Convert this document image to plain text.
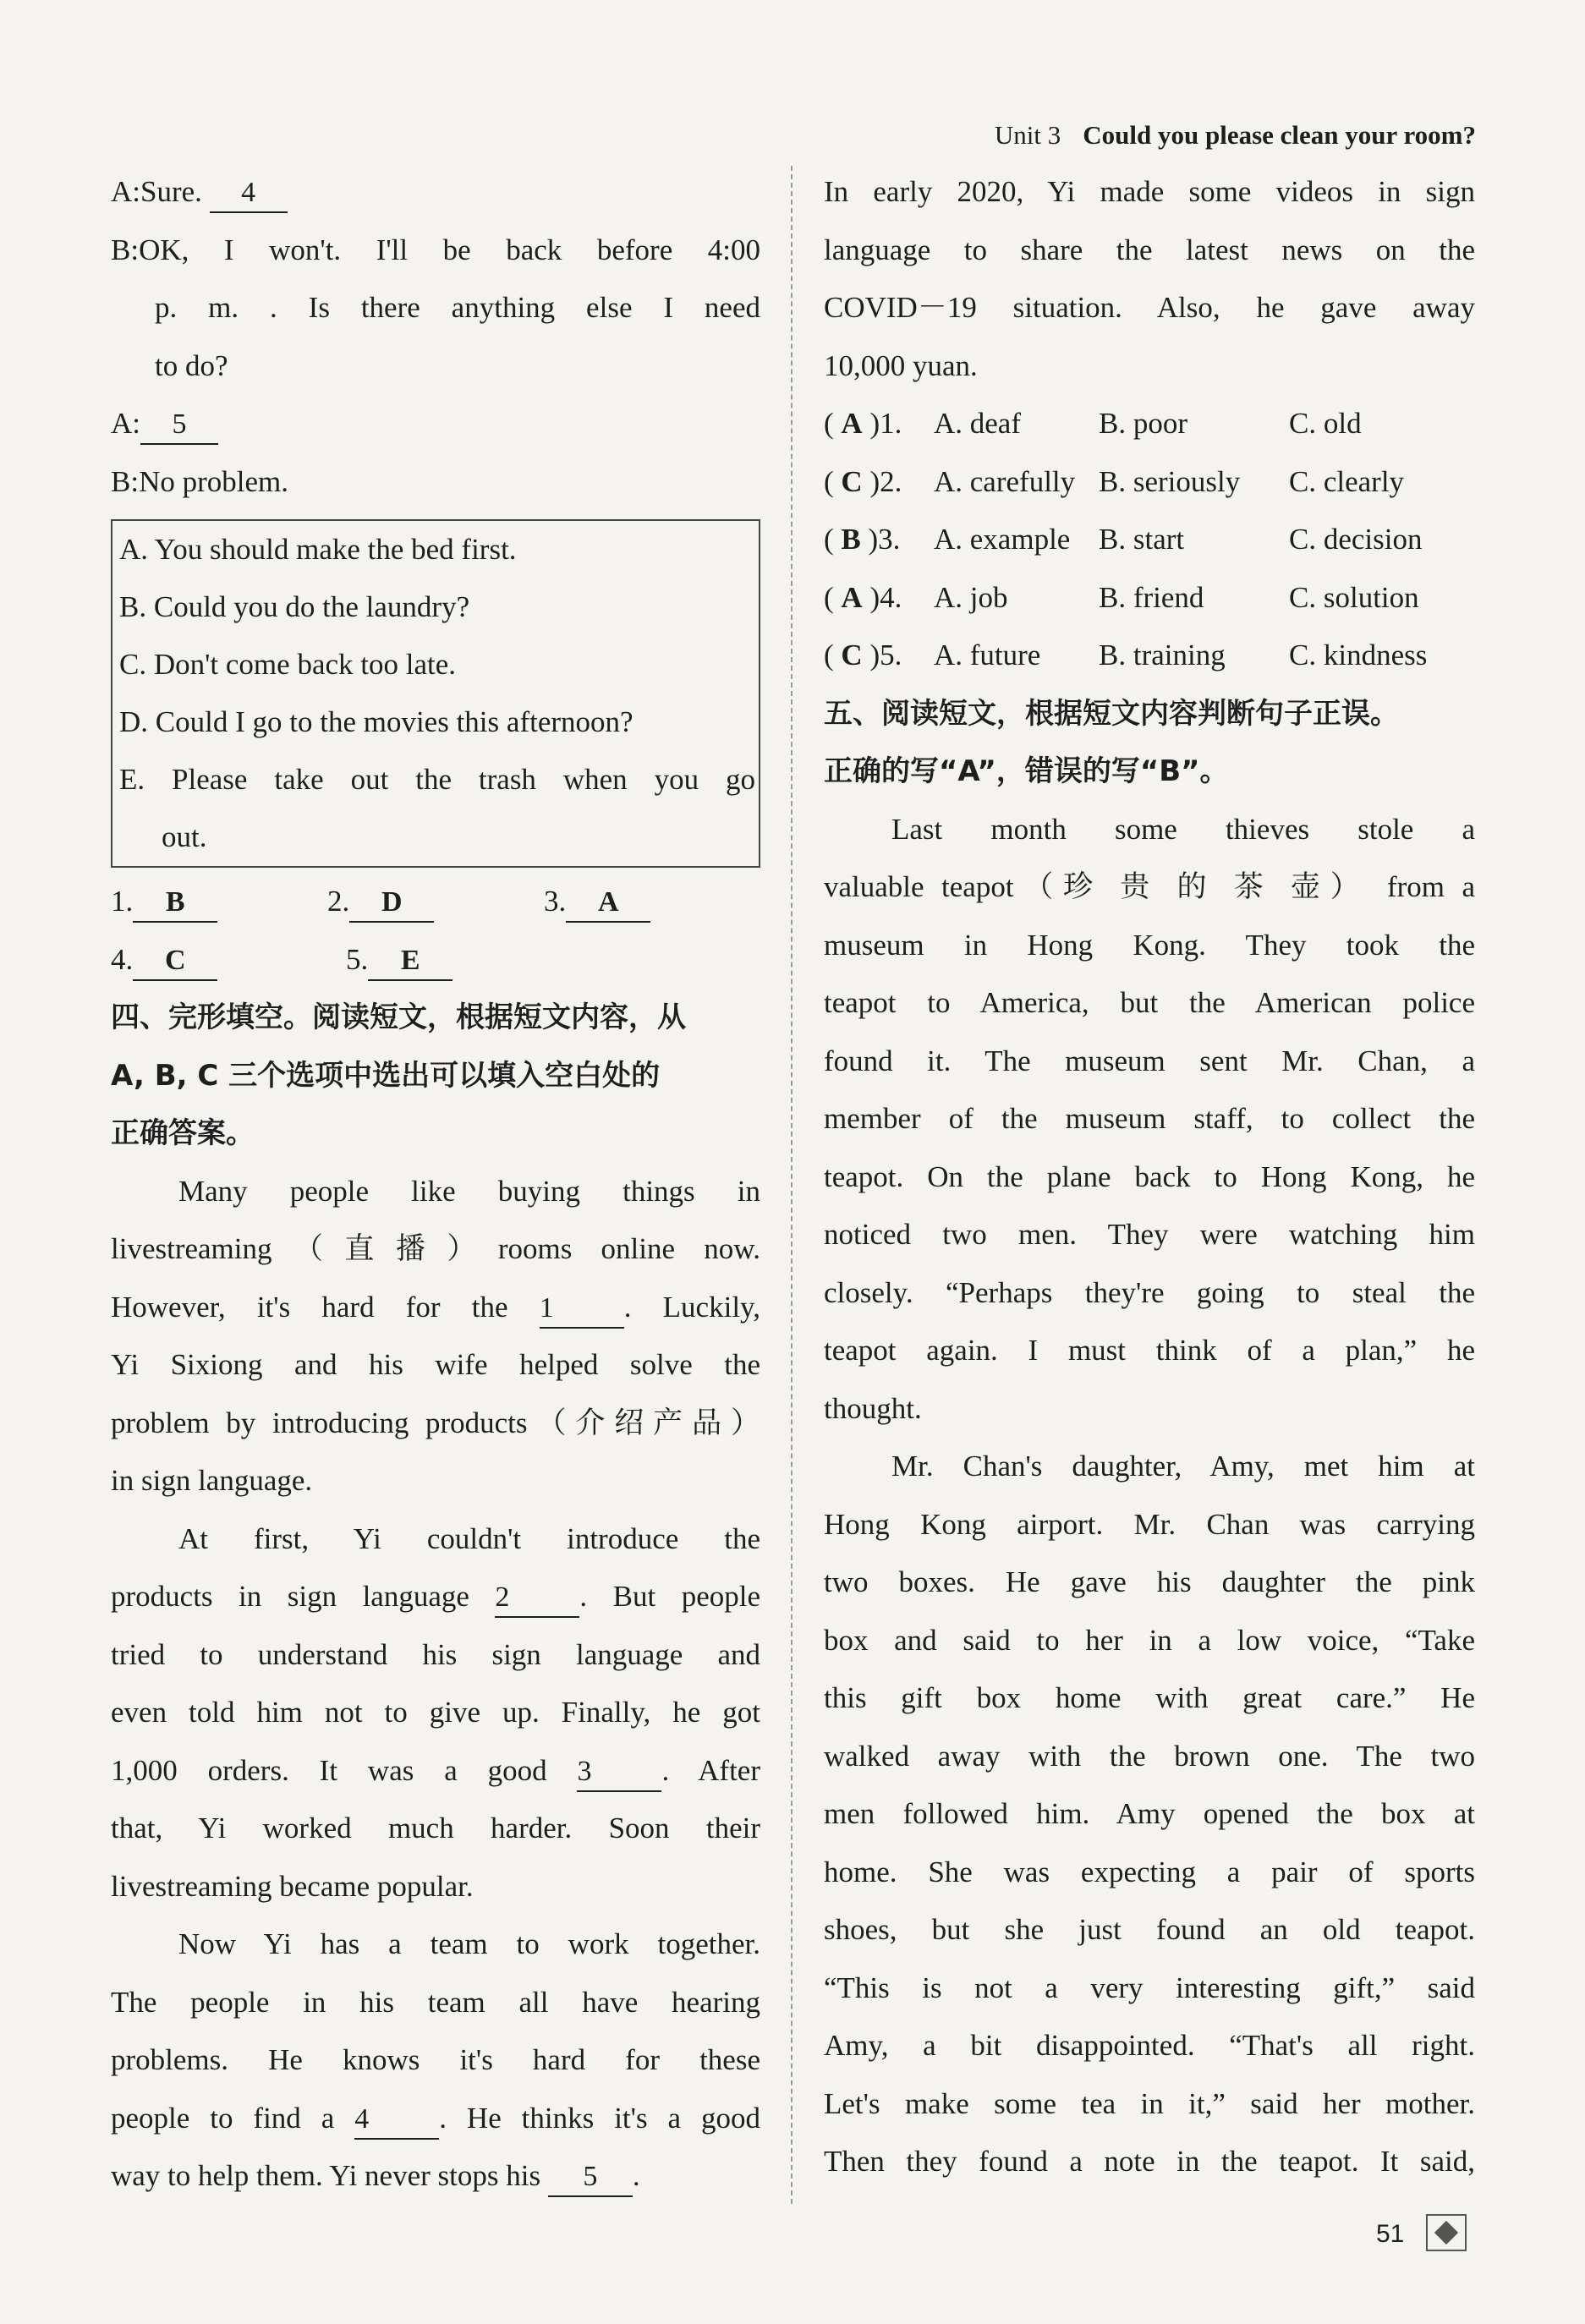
Unit 3 Could you please clean your room?
A:Sure. 4
B:OK, I won't. I'll be back before 4:00
p. m. . Is there anything else I need
to do?
A: 5
B:No problem.
A. You should make the bed first.
B. Could you do the laundry?
C. Don't come back too late.
D. Could I go to the movies this afternoon?
E. Please take out the trash when you go
out.
1. B	2. D	3. A
4. C	5. E
四、完形填空。阅读短文，根据短文内容，从
A, B, C 三个选项中选出可以填入空白处的
正确答案。
Many people like buying things in
livestreaming（直播）rooms online now.
However, it's hard for the 1 . Luckily,
Yi Sixiong and his wife helped solve the
problem by introducing products（介绍产品）
in sign language.
At first, Yi couldn't introduce the
products in sign language 2 . But people
tried to understand his sign language and
even told him not to give up. Finally, he got
1,000 orders. It was a good 3 . After
that, Yi worked much harder. Soon their
livestreaming became popular.
Now Yi has a team to work together.
The people in his team all have hearing
problems. He knows it's hard for these
people to find a 4 . He thinks it's a good
way to help them. Yi never stops his 5 .
In early 2020, Yi made some videos in sign
language to share the latest news on the
COVID－19 situation. Also, he gave away
10,000 yuan.
( A )1.	A. deaf	B. poor	C. old
( C )2.	A. carefully B. seriously	C. clearly
( B )3.	A. example B. start	C. decision
( A )4.	A. job	B. friend	C. solution
( C )5.	A. future	B. training	C. kindness
五、阅读短文，根据短文内容判断句子正误。
正确的写“A”，错误的写“B”。
Last month some thieves stole a
valuable teapot（珍 贵 的 茶 壶） from a
museum in Hong Kong. They took the
teapot to America, but the American police
found it. The museum sent Mr. Chan, a
member of the museum staff, to collect the
teapot. On the plane back to Hong Kong, he
noticed two men. They were watching him
closely. “Perhaps they're going to steal the
teapot again. I must think of a plan,” he
thought.
Mr. Chan's daughter, Amy, met him at
Hong Kong airport. Mr. Chan was carrying
two boxes. He gave his daughter the pink
box and said to her in a low voice, “Take
this gift box home with great care.” He
walked away with the brown one. The two
men followed him. Amy opened the box at
home. She was expecting a pair of sports
shoes, but she just found an old teapot.
“This is not a very interesting gift,” said
Amy, a bit disappointed. “That's all right.
Let's make some tea in it,” said her mother.
Then they found a note in the teapot. It said,
51
